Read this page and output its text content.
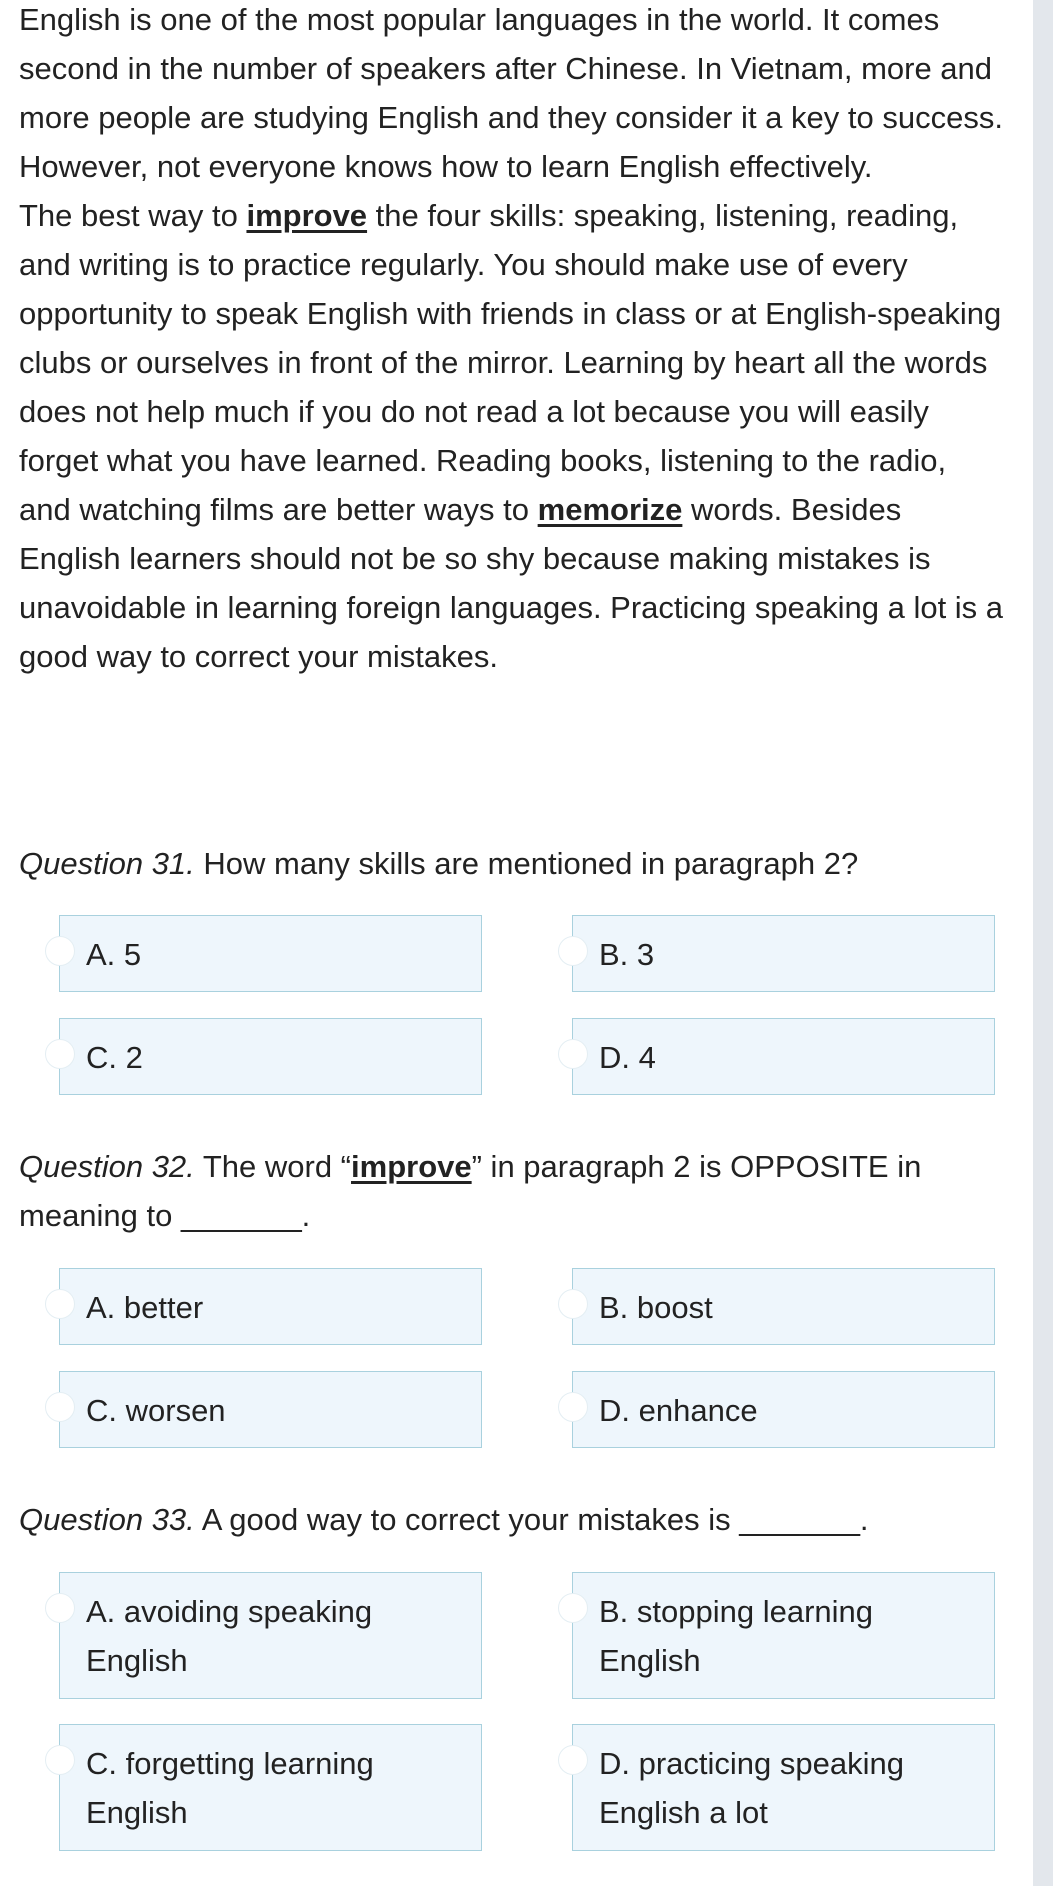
English is one of the most popular languages in the world. It comes second in the number of speakers after Chinese. In Vietnam, more and more people are studying English and they consider it a key to success. However, not everyone knows how to learn English effectively.

The best way to improve the four skills: speaking, listening, reading, and writing is to practice regularly. You should make use of every opportunity to speak English with friends in class or at English-speaking clubs or ourselves in front of the mirror. Learning by heart all the words does not help much if you do not read a lot because you will easily forget what you have learned. Reading books, listening to the radio, and watching films are better ways to memorize words. Besides English learners should not be so shy because making mistakes is unavoidable in learning foreign languages. Practicing speaking a lot is a good way to correct your mistakes.

Question 31. How many skills are mentioned in paragraph 2?
A. 5	B. 3
C. 2	D. 4
Question 32. The word “improve” in paragraph 2 is OPPOSITE in meaning to _______.
A. better	B. boost
C. worsen	D. enhance
Question 33. A good way to correct your mistakes is _______.
A. avoiding speaking English
B. stopping learning English
C. forgetting learning English
D. practicing speaking English a lot
